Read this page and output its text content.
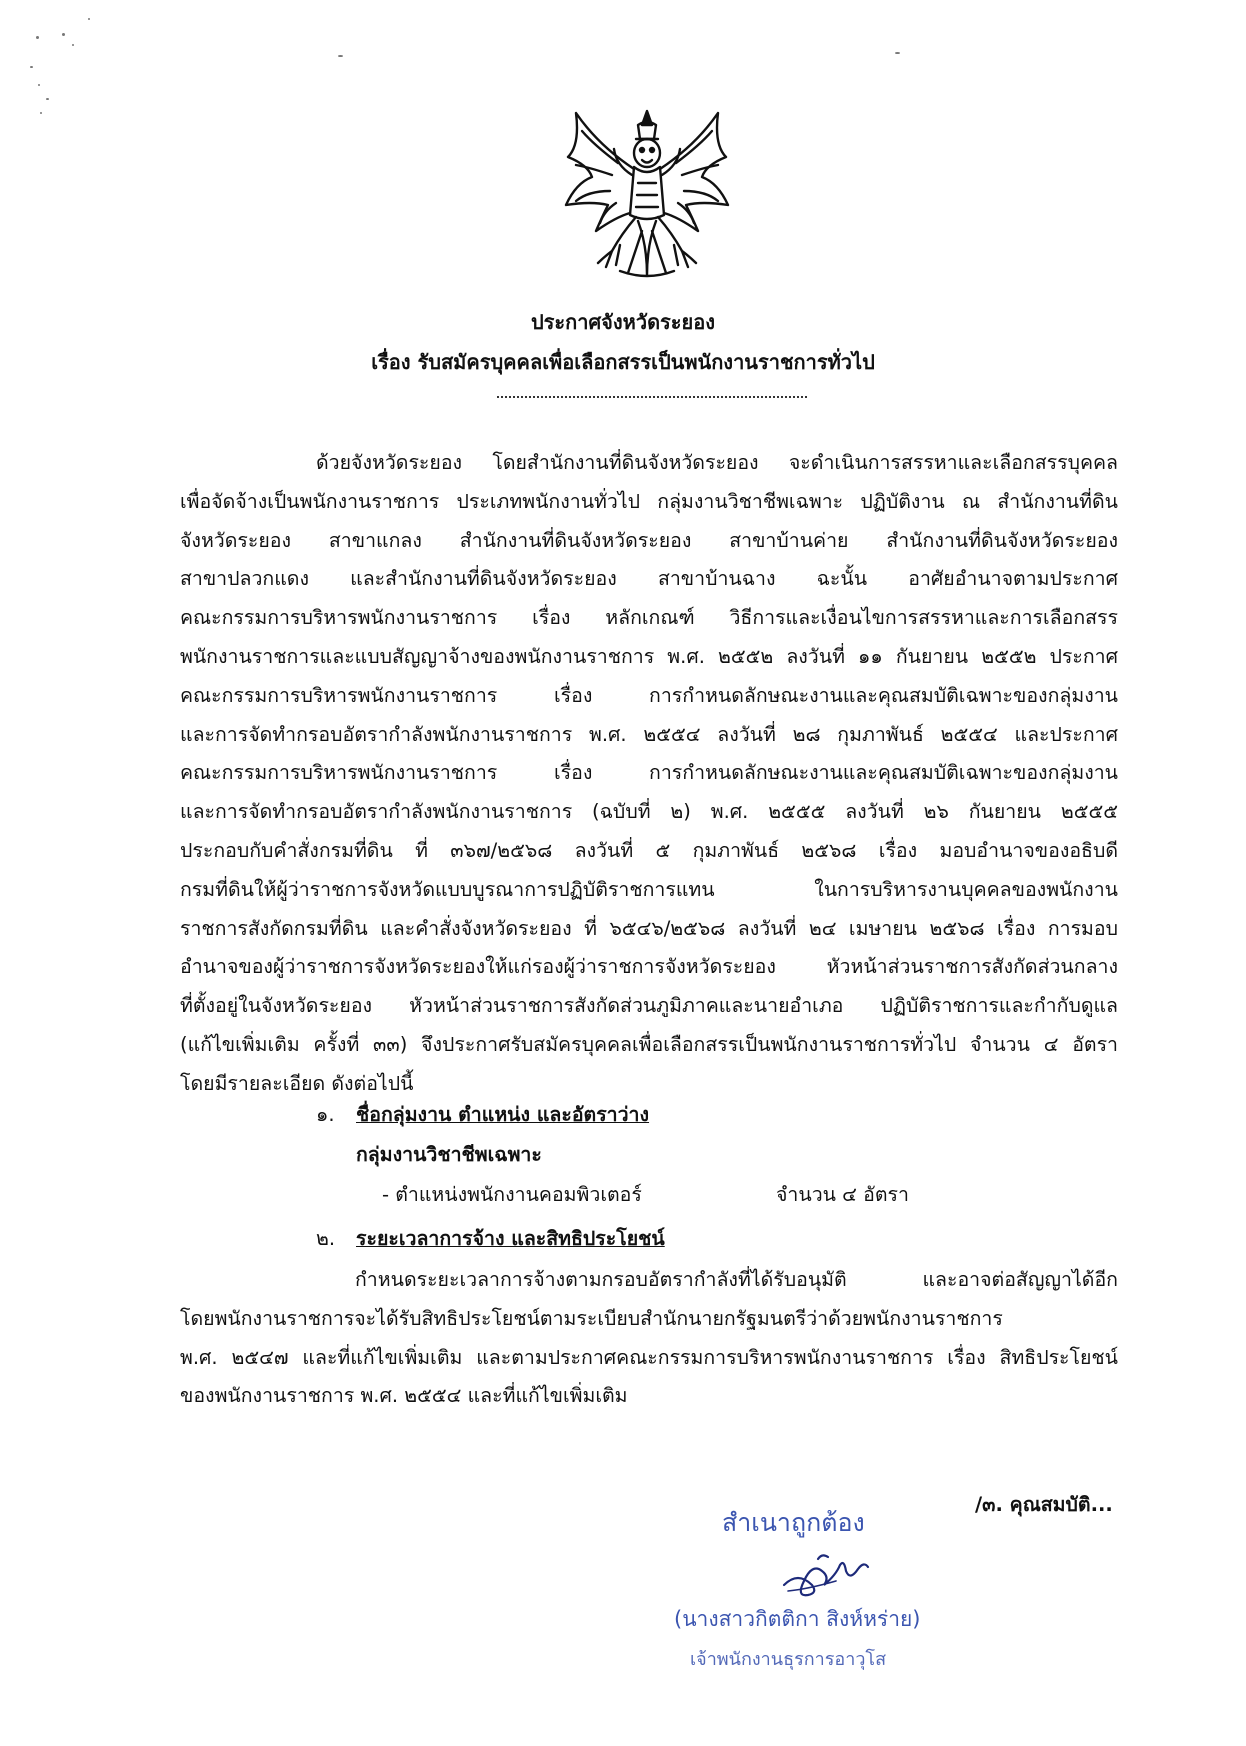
ประกาศจังหวัดระยอง
เรื่อง รับสมัครบุคคลเพื่อเลือกสรรเป็นพนักงานราชการทั่วไป
ด้วยจังหวัดระยอง โดยสำนักงานที่ดินจังหวัดระยอง จะดำเนินการสรรหาและเลือกสรรบุคคล
เพื่อจัดจ้างเป็นพนักงานราชการ ประเภทพนักงานทั่วไป กลุ่มงานวิชาชีพเฉพาะ ปฏิบัติงาน ณ สำนักงานที่ดิน
จังหวัดระยอง สาขาแกลง สำนักงานที่ดินจังหวัดระยอง สาขาบ้านค่าย สำนักงานที่ดินจังหวัดระยอง
สาขาปลวกแดง และสำนักงานที่ดินจังหวัดระยอง สาขาบ้านฉาง ฉะนั้น อาศัยอำนาจตามประกาศ
คณะกรรมการบริหารพนักงานราชการ เรื่อง หลักเกณฑ์ วิธีการและเงื่อนไขการสรรหาและการเลือกสรร
พนักงานราชการและแบบสัญญาจ้างของพนักงานราชการ พ.ศ. ๒๕๕๒ ลงวันที่ ๑๑ กันยายน ๒๕๕๒ ประกาศ
คณะกรรมการบริหารพนักงานราชการ เรื่อง การกำหนดลักษณะงานและคุณสมบัติเฉพาะของกลุ่มงาน
และการจัดทำกรอบอัตรากำลังพนักงานราชการ พ.ศ. ๒๕๕๔ ลงวันที่ ๒๘ กุมภาพันธ์ ๒๕๕๔ และประกาศ
คณะกรรมการบริหารพนักงานราชการ เรื่อง การกำหนดลักษณะงานและคุณสมบัติเฉพาะของกลุ่มงาน
และการจัดทำกรอบอัตรากำลังพนักงานราชการ (ฉบับที่ ๒) พ.ศ. ๒๕๕๕ ลงวันที่ ๒๖ กันยายน ๒๕๕๕
ประกอบกับคำสั่งกรมที่ดิน ที่ ๓๖๗/๒๕๖๘ ลงวันที่ ๕ กุมภาพันธ์ ๒๕๖๘ เรื่อง มอบอำนาจของอธิบดี
กรมที่ดินให้ผู้ว่าราชการจังหวัดแบบบูรณาการปฏิบัติราชการแทน ในการบริหารงานบุคคลของพนักงาน
ราชการสังกัดกรมที่ดิน และคำสั่งจังหวัดระยอง ที่ ๖๕๔๖/๒๕๖๘ ลงวันที่ ๒๔ เมษายน ๒๕๖๘ เรื่อง การมอบ
อำนาจของผู้ว่าราชการจังหวัดระยองให้แก่รองผู้ว่าราชการจังหวัดระยอง หัวหน้าส่วนราชการสังกัดส่วนกลาง
ที่ตั้งอยู่ในจังหวัดระยอง หัวหน้าส่วนราชการสังกัดส่วนภูมิภาคและนายอำเภอ ปฏิบัติราชการและกำกับดูแล
(แก้ไขเพิ่มเติม ครั้งที่ ๓๓) จึงประกาศรับสมัครบุคคลเพื่อเลือกสรรเป็นพนักงานราชการทั่วไป จำนวน ๔ อัตรา
โดยมีรายละเอียด ดังต่อไปนี้
๑. ชื่อกลุ่มงาน ตำแหน่ง และอัตราว่าง
กลุ่มงานวิชาชีพเฉพาะ
- ตำแหน่งพนักงานคอมพิวเตอร์	จำนวน ๔ อัตรา
๒. ระยะเวลาการจ้าง และสิทธิประโยชน์
กำหนดระยะเวลาการจ้างตามกรอบอัตรากำลังที่ได้รับอนุมัติ และอาจต่อสัญญาได้อีก
โดยพนักงานราชการจะได้รับสิทธิประโยชน์ตามระเบียบสำนักนายกรัฐมนตรีว่าด้วยพนักงานราชการ
พ.ศ. ๒๕๔๗ และที่แก้ไขเพิ่มเติม และตามประกาศคณะกรรมการบริหารพนักงานราชการ เรื่อง สิทธิประโยชน์
ของพนักงานราชการ พ.ศ. ๒๕๕๔ และที่แก้ไขเพิ่มเติม
/๓. คุณสมบัติ...
สำเนาถูกต้อง
(นางสาวกิตติกา สิงห์หร่าย)
เจ้าพนักงานธุรการอาวุโส
